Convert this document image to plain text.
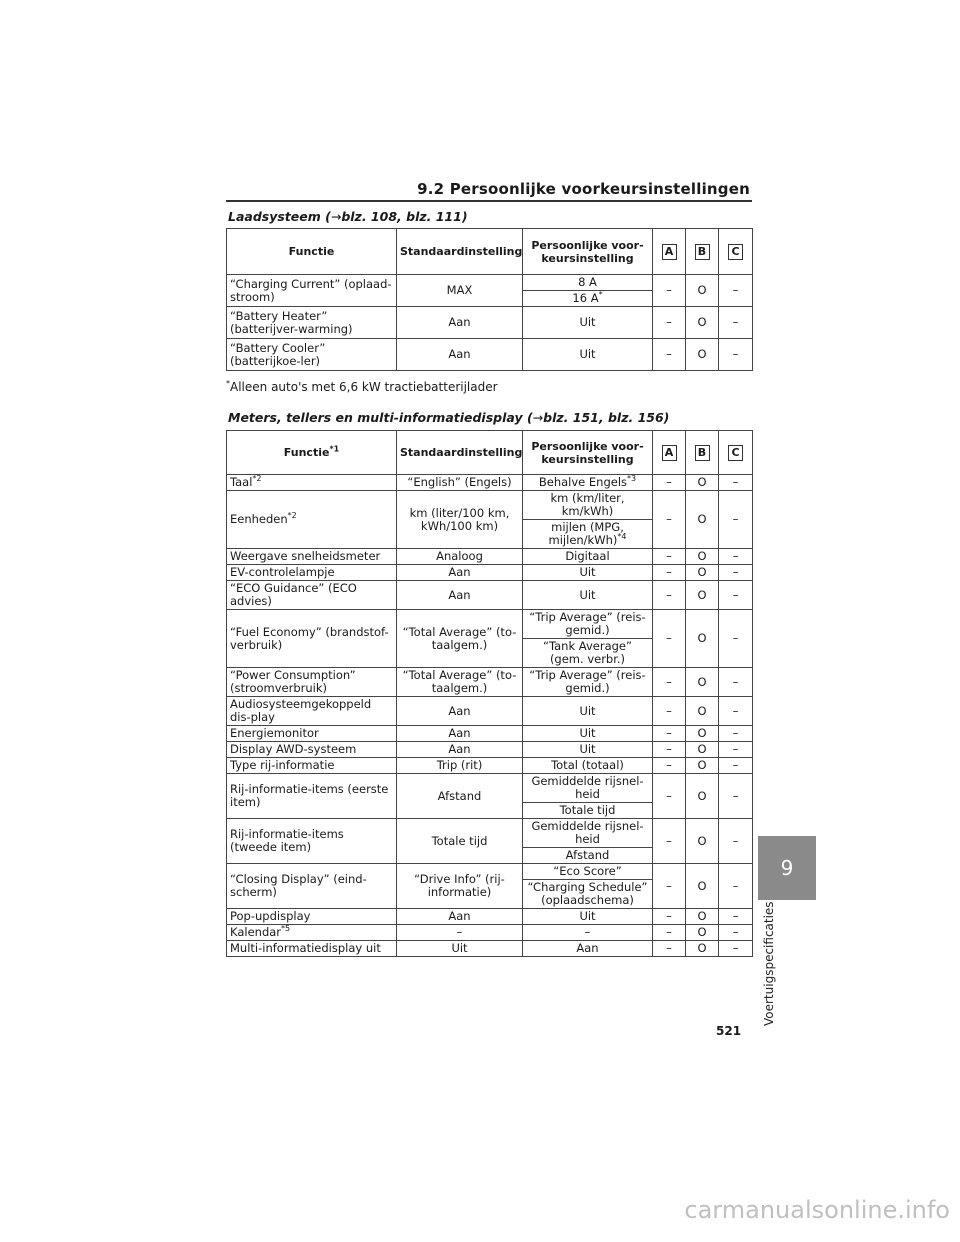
9.2 Persoonlijke voorkeursinstellingen
Laadsysteem (→blz. 108, blz. 111)
Functie	Standaardinstelling	Persoonlijke voor-keursinstelling	A	B	C
“Charging Current” (oplaad-stroom)	MAX	8 A	–	O	–
		16 A*
“Battery Heater” (batterijver-warming)	Aan	Uit	–	O	–
“Battery Cooler” (batterijkoe-ler)	Aan	Uit	–	O	–
*Alleen auto's met 6,6 kW tractiebatterijlader
Meters, tellers en multi-informatiedisplay (→blz. 151, blz. 156)
Functie$^{*1}$	Standaardinstelling	Persoonlijke voor-keursinstelling	A	B	C
Taal$^{*2}$	“English” (Engels)	Behalve Engels$^{*3}$	–	O	–
Eenheden$^{*2}$	km (liter/100 km, kWh/100 km)	km (km/liter, km/kWh)	–	O	–
		mijlen (MPG, mijlen/kWh)$^{*4}$
Weergave snelheidsmeter	Analoog	Digitaal	–	O	–
EV-controlelampje	Aan	Uit	–	O	–
“ECO Guidance” (ECO advies)	Aan	Uit	–	O	–
“Fuel Economy” (brandstof-verbruik)	“Total Average” (to-taalgem.)	“Trip Average” (reis-gemid.)	–	O	–
		“Tank Average” (gem. verbr.)			
“Power Consumption” (stroomverbruik)	“Total Average” (to-taalgem.)	“Trip Average” (reis-gemid.)	–	O	–
Audiosysteemgekoppeld dis-play	Aan	Uit	–	O	–
Energiemonitor	Aan	Uit	–	O	–
Display AWD-systeem	Aan	Uit	–	O	–
Type rij-informatie	Trip (rit)	Total (totaal)	–	O	–
Rij-informatie-items (eerste item)	Afstand	Gemiddelde rijsnel-heid	–	O	–
		Totale tijd			
Rij-informatie-items (tweede item)	Totale tijd	Gemiddelde rijsnel-heid	–	O	–
		Afstand			
“Closing Display” (eind-scherm)	“Drive Info” (rij-informatie)	“Eco Score”	–	O	–
		“Charging Schedule” (oplaadschema)			
Pop-updisplay	Aan	Uit	–	O	–
Kalendar$^{*5}$	–	–	–	O	–
Multi-informatiedisplay uit	Uit	Aan	–	O	–
9
Voertuigspecificaties
521
carmanualsonline.info
